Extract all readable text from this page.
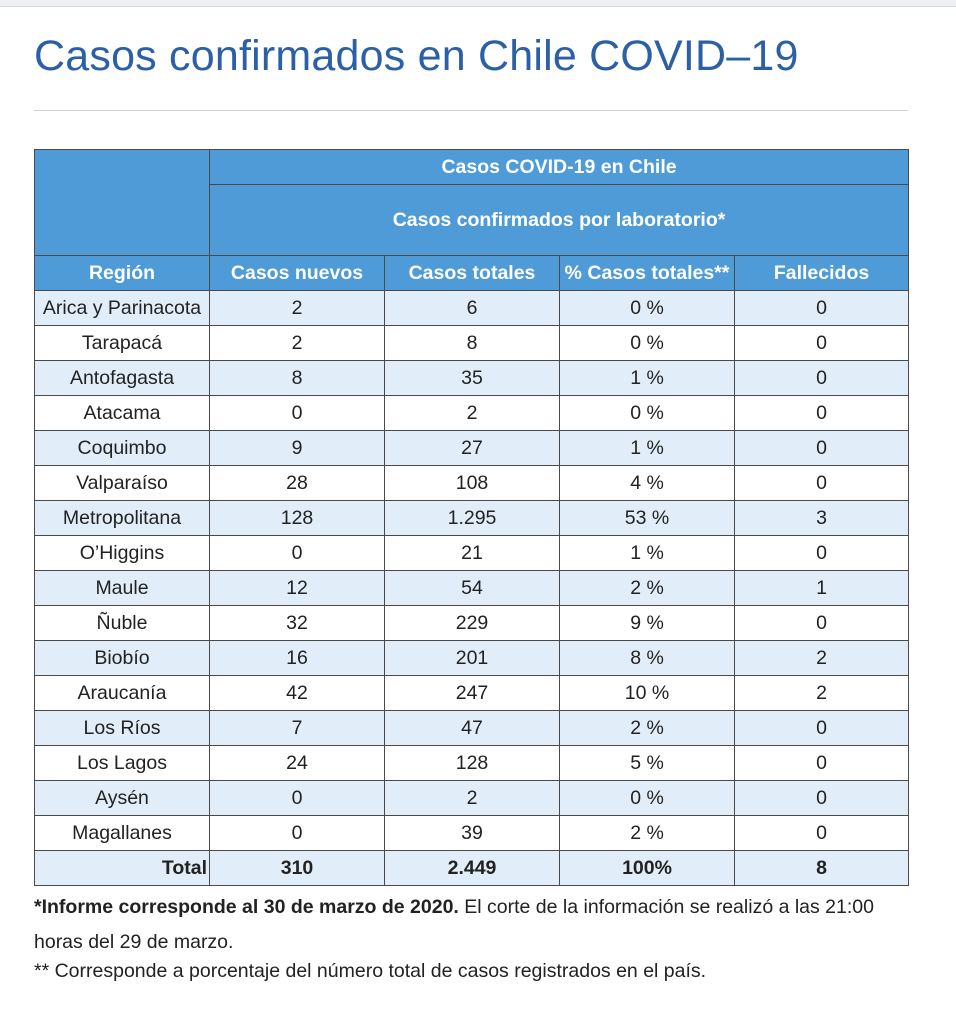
Casos confirmados en Chile COVID–19
	Casos COVID-19 en Chile			
	Casos confirmados por laboratorio*			
Región	Casos nuevos	Casos totales	% Casos totales**	Fallecidos
Arica y Parinacota	2	6	0 %	0
Tarapacá	2	8	0 %	0
Antofagasta	8	35	1 %	0
Atacama	0	2	0 %	0
Coquimbo	9	27	1 %	0
Valparaíso	28	108	4 %	0
Metropolitana	128	1.295	53 %	3
O’Higgins	0	21	1 %	0
Maule	12	54	2 %	1
Ñuble	32	229	9 %	0
Biobío	16	201	8 %	2
Araucanía	42	247	10 %	2
Los Ríos	7	47	2 %	0
Los Lagos	24	128	5 %	0
Aysén	0	2	0 %	0
Magallanes	0	39	2 %	0
Total	310	2.449	100%	8
*Informe corresponde al 30 de marzo de 2020. El corte de la información se realizó a las 21:00 horas del 29 de marzo.
** Corresponde a porcentaje del número total de casos registrados en el país.
